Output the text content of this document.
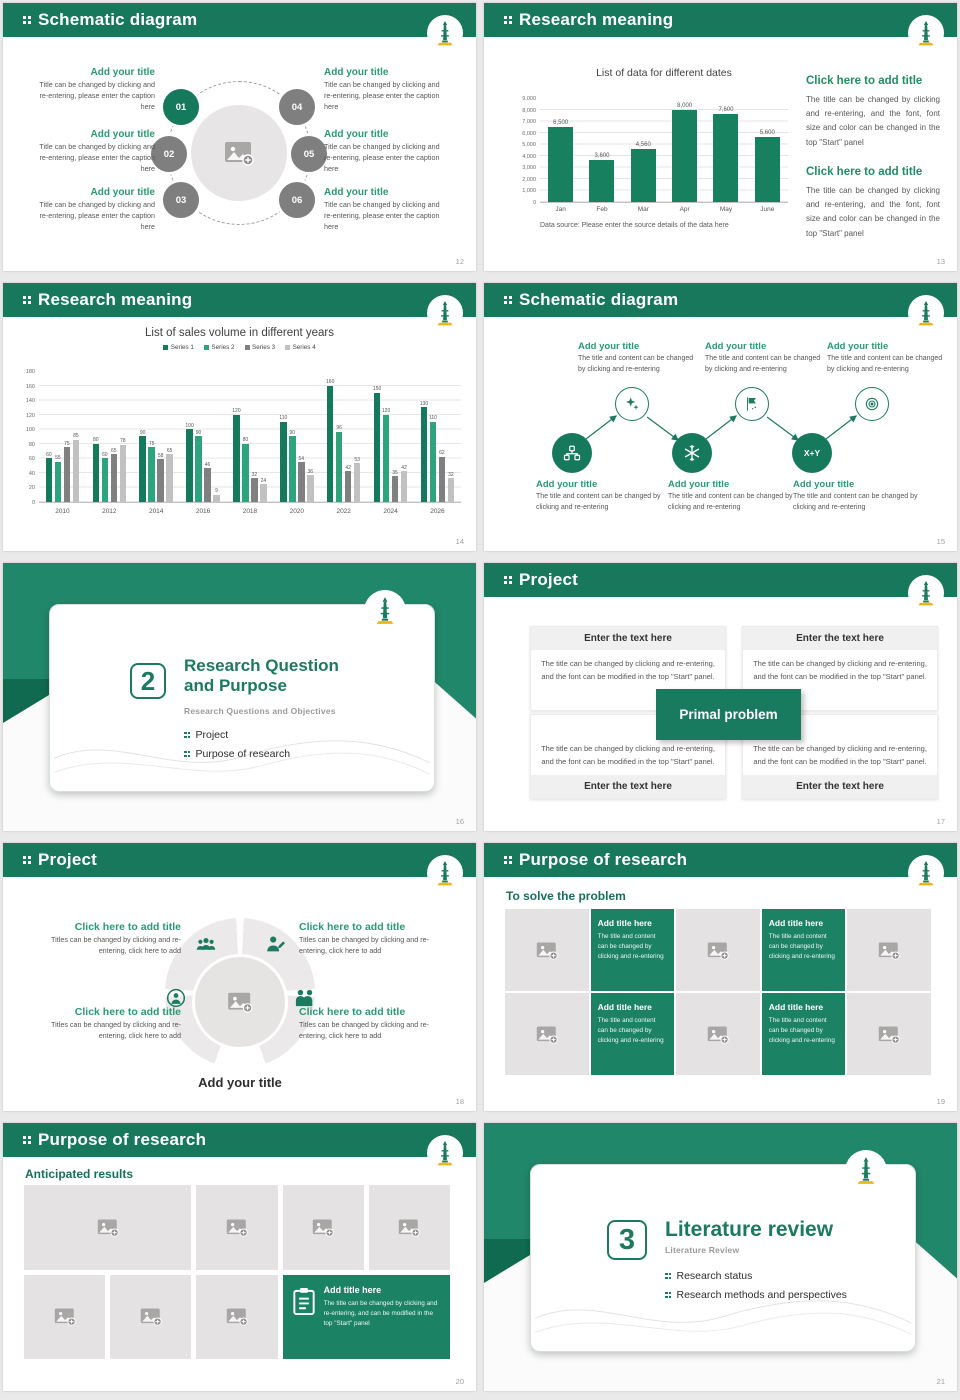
Schematic diagram
01
02
03
04
05
06
Add your title
Title can be changed by clicking and re-entering, please enter the caption here
Add your title
Title can be changed by clicking and re-entering, please enter the caption here
Add your title
Title can be changed by clicking and re-entering, please enter the caption here
Add your title
Title can be changed by clicking and re-entering, please enter the caption here
Add your title
Title can be changed by clicking and re-entering, please enter the caption here
Add your title
Title can be changed by clicking and re-entering, please enter the caption here
12
Research meaning
List of data for different dates
0
1,000
2,000
3,000
4,000
5,000
6,000
7,000
8,000
9,000
6,500
3,600
4,560
8,000
7,600
5,600
Jan	Feb	Mar	Apr	May	June
Data source: Please enter the source details of the data here
Click here to add title

The title can be changed by clicking and re-entering, and the font, font size and color can be changed in the top "Start" panel

Click here to add title

The title can be changed by clicking and re-entering, and the font, font size and color can be changed in the top "Start" panel

13
Research meaning
List of sales volume in different years
Series 1	Series 2	Series 3	Series 4
0
20
40
60
80
100
120
140
160
180
60
55
75
85
80
60
65
78
90
75
58
65
100
90
46
9
120
80
32
24
110
90
54
36
160
96
42
53
150
120
35
42
130
110
62
32
2010	2012	2014	2016	2018	2020	2022	2024	2026
14
Schematic diagram
Add your title
The title and content can be changed by clicking and re-entering
Add your title
The title and content can be changed by clicking and re-entering
Add your title
The title and content can be changed by clicking and re-entering
X+Y
Add your title
The title and content can be changed by clicking and re-entering
Add your title
The title and content can be changed by clicking and re-entering
Add your title
The title and content can be changed by clicking and re-entering
15
2	Research Question
and Purpose
Research Questions and Objectives
Project
Purpose of research
16
Project
Enter the text here
The title can be changed by clicking and re-entering, and the font can be modified in the top "Start" panel.
Enter the text here
The title can be changed by clicking and re-entering, and the font can be modified in the top "Start" panel.
Enter the text here
The title can be changed by clicking and re-entering, and the font can be modified in the top "Start" panel.
Enter the text here
The title can be changed by clicking and re-entering, and the font can be modified in the top "Start" panel.
Primal problem
17
Project
Add your title
Click here to add title
Titles can be changed by clicking and re-entering, click here to add
Click here to add title
Titles can be changed by clicking and re-entering, click here to add
Click here to add title
Titles can be changed by clicking and re-entering, click here to add
Click here to add title
Titles can be changed by clicking and re-entering, click here to add
18
Purpose of research
To solve the problem
Add title here
The title and content can be changed by clicking and re-entering
Add title here
The title and content can be changed by clicking and re-entering
Add title here
The title and content can be changed by clicking and re-entering
Add title here
The title and content can be changed by clicking and re-entering
19
Purpose of research
Anticipated results
Add title here
The title can be changed by clicking and re-entering, and can be modified in the top "Start" panel
20
3	Literature review
Literature Review
Research status
Research methods and perspectives
21
